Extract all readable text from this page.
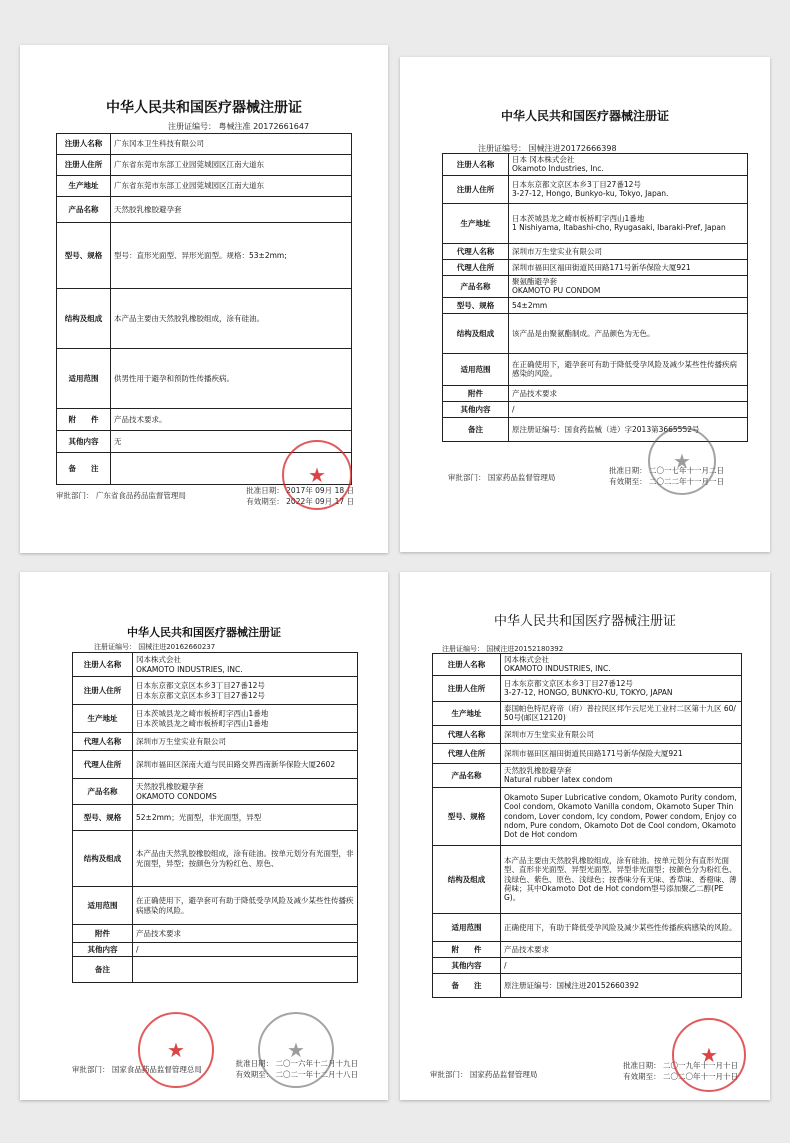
中华人民共和国医疗器械注册证
注册证编号： 粤械注准 20172661647
注册人名称	广东冈本卫生科技有限公司
注册人住所	广东省东莞市东部工业园莞城园区江南大道东
生产地址	广东省东莞市东部工业园莞城园区江南大道东
产品名称	天然胶乳橡胶避孕套
型号、规格	型号：直形光面型、异形光面型。规格：53±2mm;
结构及组成	本产品主要由天然胶乳橡胶组成，涂有硅油。
适用范围	供男性用于避孕和预防性传播疾病。
附　　件	产品技术要求。
其他内容	无
备　　注	
审批部门： 广东省食品药品监督管理局
批准日期： 2017年 09月 18 日
有效期至： 2022年 09月 17 日
★
中华人民共和国医疗器械注册证
注册证编号： 国械注进20172666398
注册人名称	日本 冈本株式会社
Okamoto Industries, Inc.
注册人住所	日本东京都文京区本乡3丁目27番12号
3-27-12, Hongo, Bunkyo-ku, Tokyo, Japan.
生产地址	日本茨城县龙之崎市板桥町字西山1番地
1 Nishiyama, Itabashi-cho, Ryugasaki, Ibaraki-Pref, Japan
代理人名称	深圳市万生堂实业有限公司
代理人住所	深圳市福田区福田街道民田路171号新华保险大厦921
产品名称	聚氨酯避孕套
OKAMOTO PU CONDOM
型号、规格	54±2mm
结构及组成	该产品是由聚氨酯制成。产品颜色为无色。
适用范围	在正确使用下，避孕套可有助于降低受孕风险及减少某些性传播疾病感染的风险。
附件	产品技术要求
其他内容	/
备注	原注册证编号：国食药监械（进）字2013第3665552号
审批部门： 国家药品监督管理局
批准日期： 二〇一七年十一月二日
有效期至： 二〇二二年十一月一日
★
中华人民共和国医疗器械注册证
注册证编号： 国械注进20162660237
注册人名称	冈本株式会社
OKAMOTO INDUSTRIES, INC.
注册人住所	日本东京都文京区本乡3丁目27番12号
日本东京都文京区本乡3丁目27番12号
生产地址	日本茨城县龙之崎市板桥町字西山1番地
日本茨城县龙之崎市板桥町字西山1番地
代理人名称	深圳市万生堂实业有限公司
代理人住所	深圳市福田区深南大道与民田路交界西南新华保险大厦2602
产品名称	天然胶乳橡胶避孕套
OKAMOTO CONDOMS
型号、规格	52±2mm；光面型，非光面型，异型
结构及组成	本产品由天然乳胶橡胶组成，涂有硅油。按单元划分有光面型，非光面型，异型；按颜色分为粉红色、原色、
适用范围	在正确使用下，避孕套可有助于降低受孕风险及减少某些性传播疾病感染的风险。
附件	产品技术要求
其他内容	/
备注	
审批部门： 国家食品药品监督管理总局
批准日期： 二〇一六年十二月十九日
有效期至： 二〇二一年十二月十八日
★	★
中华人民共和国医疗器械注册证
注册证编号： 国械注进20152180392
注册人名称	冈本株式会社
OKAMOTO INDUSTRIES, INC.
注册人住所	日本东京都文京区本乡3丁目27番12号
3-27-12, HONGO, BUNKYO-KU, TOKYO, JAPAN
生产地址	泰国帕色特尼府帝（府）普拉民区邦乍云尼光工业村二区第十九区 60/50号(邮区12120)
代理人名称	深圳市万生堂实业有限公司
代理人住所	深圳市福田区福田街道民田路171号新华保险大厦921
产品名称	天然胶乳橡胶避孕套
Natural rubber latex condom
型号、规格	Okamoto Super Lubricative condom, Okamoto Purity condom, Cool condom, Okamoto Vanilla condom, Okamoto Super Thin condom, Lover condom, Icy condom, Power condom, Enjoy condom, Pure condom, Okamoto Dot de Cool condom, Okamoto Dot de Hot condom
结构及组成	本产品主要由天然胶乳橡胶组成，涂有硅油。按单元划分有直形光面型、直形非光面型、异型光面型、异型非光面型；按颜色分为粉红色、浅绿色、紫色、原色、浅绿色；按香味分有无味、香草味、香橙味、薄荷味；其中Okamoto Dot de Hot condom型号添加聚乙二醇(PEG)。
适用范围	正确使用下，有助于降低受孕风险及减少某些性传播疾病感染的风险。
附　　件	产品技术要求
其他内容	/
备　　注	原注册证编号：国械注进20152660392
审批部门： 国家药品监督管理局
批准日期： 二〇一九年十一月十日
有效期至： 二〇二〇年十一月十日
★
